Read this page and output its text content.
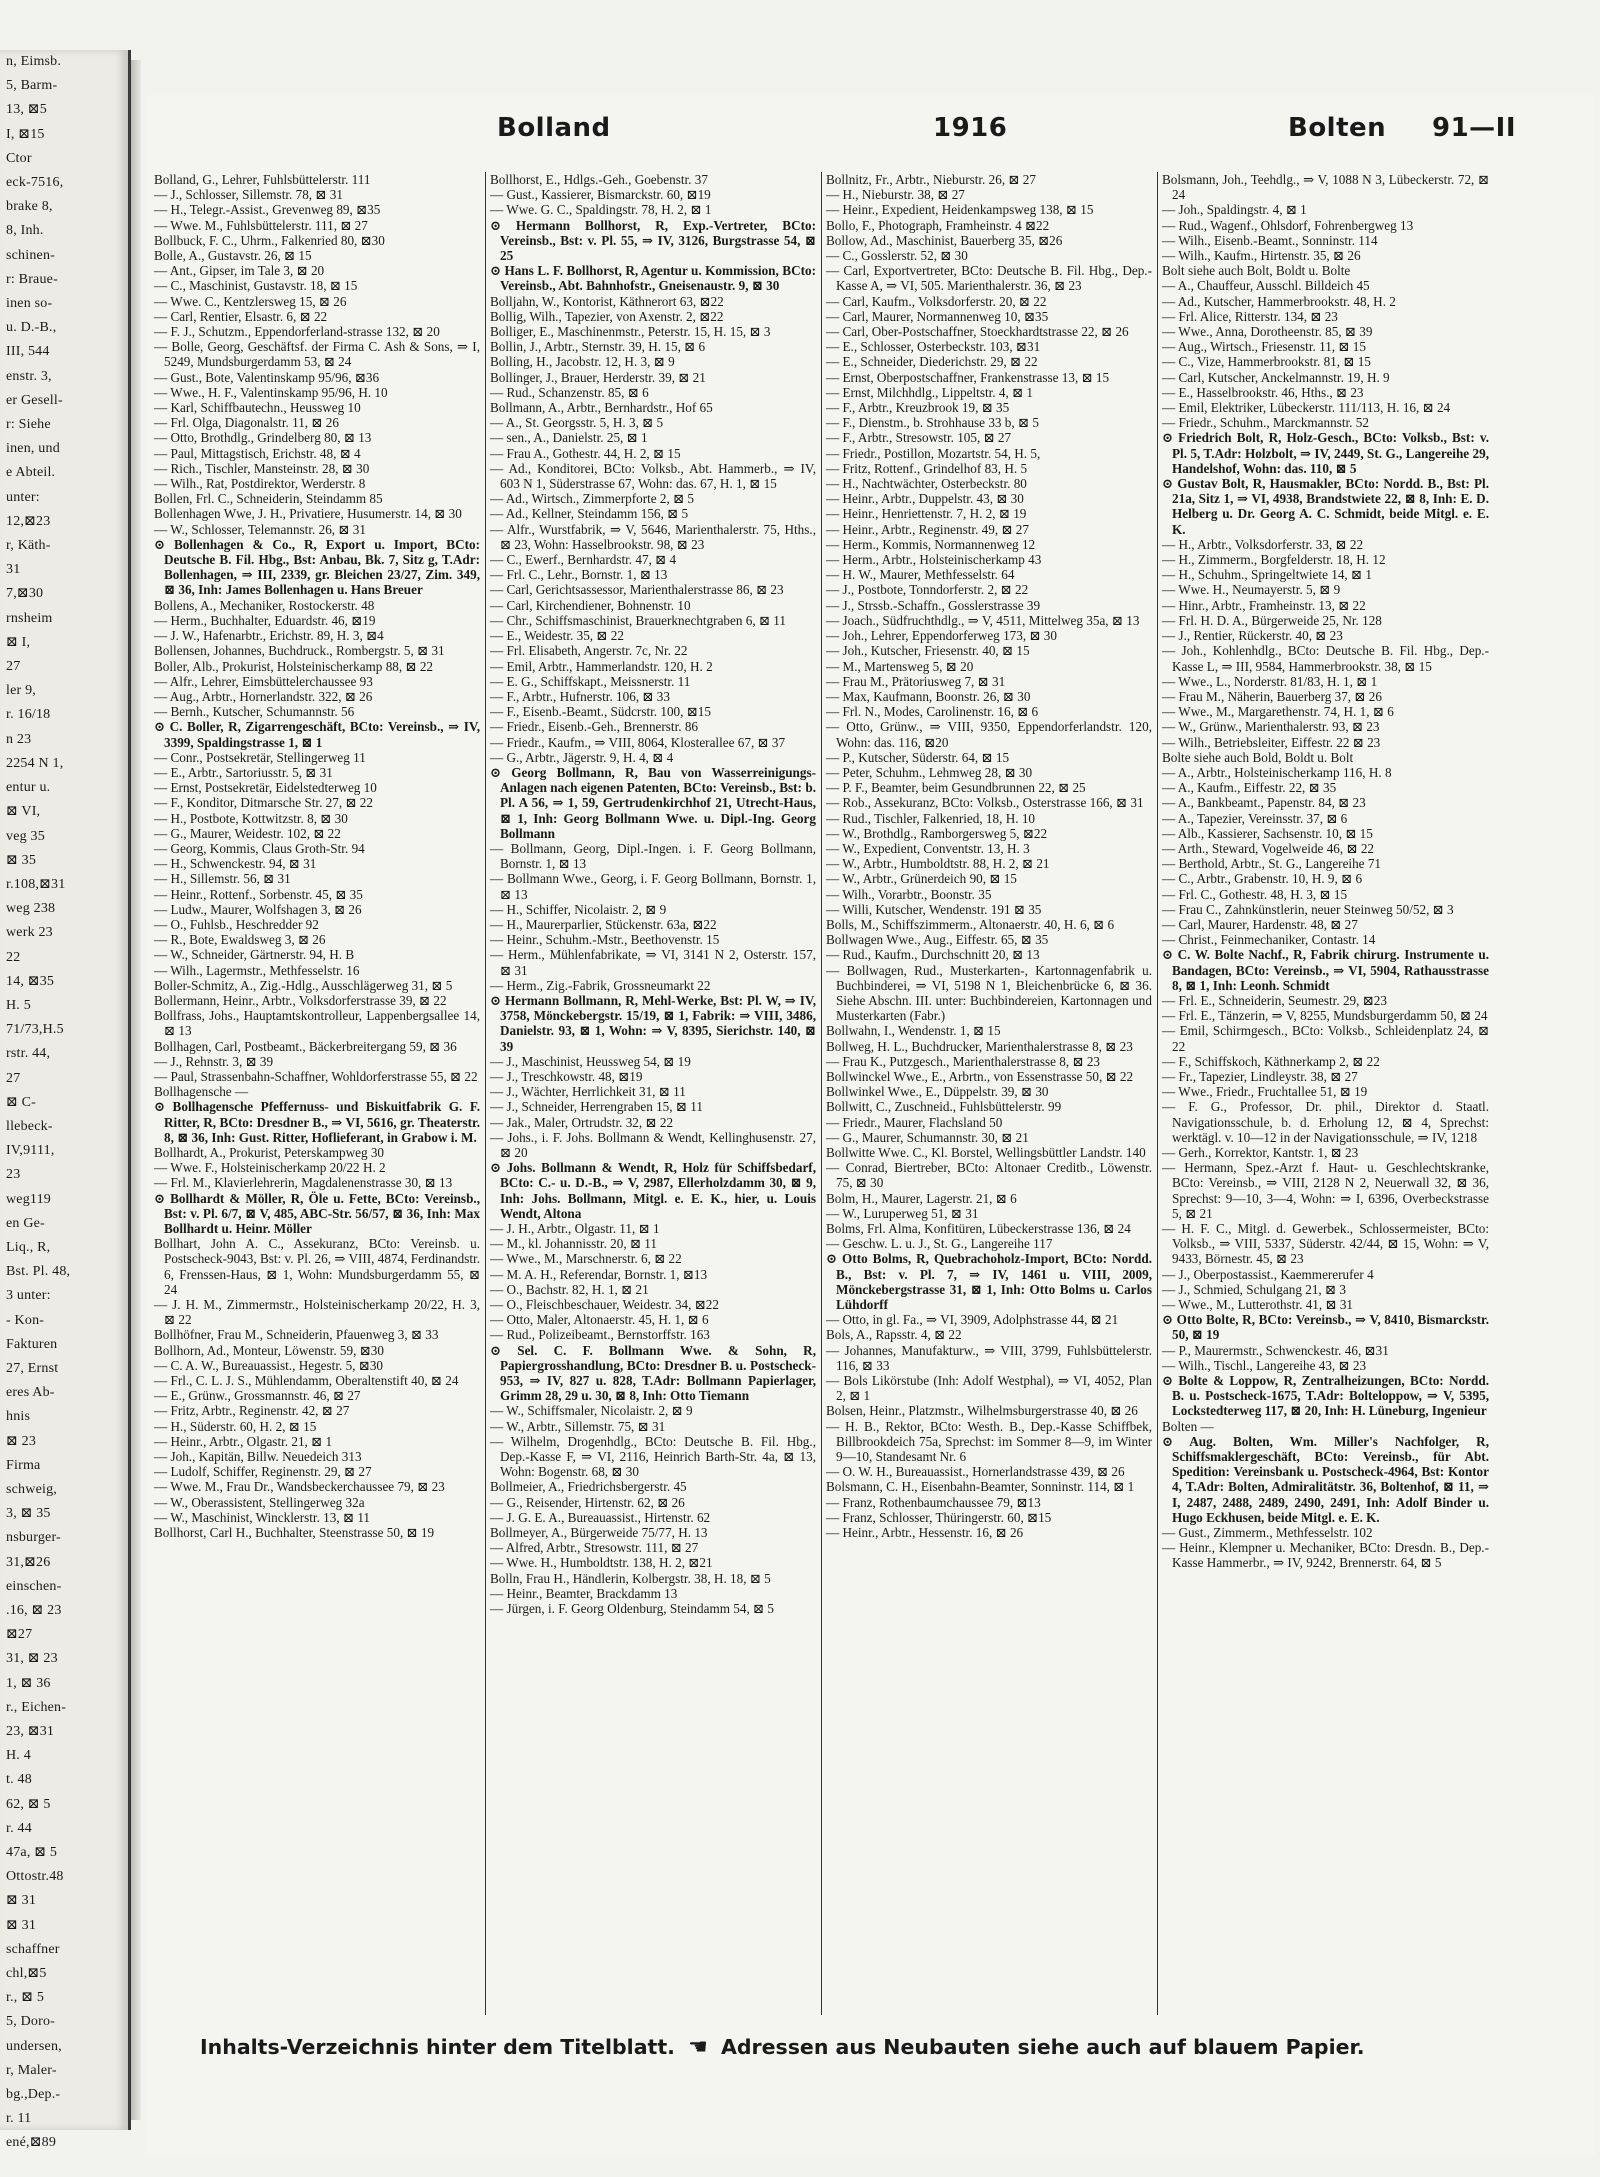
n, Eimsb.
5, Barm-
13, ⊠5
I, ⊠15
Ctor
eck-7516,
brake 8,
8, Inh.
schinen-
r: Braue-
inen so-
u. D.-B.,
III, 544
enstr. 3,
er Gesell-
r: Siehe
inen, und
e Abteil.
unter:
12,⊠23
r, Käth-
31
7,⊠30
rnsheim
⊠ I,
27
ler 9,
r. 16/18
n 23
2254 N 1,
entur u.
⊠ VI,
veg 35
⊠ 35
r.108,⊠31
weg 238
werk 23
22
14, ⊠35
H. 5
71/73,H.5
rstr. 44,
27
⊠ C-
llebeck-
IV,9111,
23
weg119
en Ge-
Liq., R,
Bst. Pl. 48,
3 unter:
- Kon-
Fakturen
27, Ernst
eres Ab-
hnis
⊠ 23
Firma
schweig,
3, ⊠ 35
nsburger-
31,⊠26
einschen-
.16, ⊠ 23
⊠27
31, ⊠ 23
1, ⊠ 36
r., Eichen-
23, ⊠31
H. 4
t. 48
62, ⊠ 5
r. 44
47a, ⊠ 5
Ottostr.48
⊠ 31
⊠ 31
schaffner
chl,⊠5
r., ⊠ 5
5, Doro-
undersen,
r, Maler-
bg.,Dep.-
r. 11
ené,⊠89
Bolland	1916	Bolten 91—II
Bolland, G., Lehrer, Fuhlsbüttelerstr. 111
— J., Schlosser, Sillemstr. 78, ⊠ 31
— H., Telegr.-Assist., Grevenweg 89, ⊠35
— Wwe. M., Fuhlsbüttelerstr. 111, ⊠ 27
Bollbuck, F. C., Uhrm., Falkenried 80, ⊠30
Bolle, A., Gustavstr. 26, ⊠ 15
— Ant., Gipser, im Tale 3, ⊠ 20
— C., Maschinist, Gustavstr. 18, ⊠ 15
— Wwe. C., Kentzlersweg 15, ⊠ 26
— Carl, Rentier, Elsastr. 6, ⊠ 22
— F. J., Schutzm., Eppendorferland-strasse 132, ⊠ 20
— Bolle, Georg, Geschäftsf. der Firma C. Ash & Sons, ⇒ I, 5249, Mundsburgerdamm 53, ⊠ 24
— Gust., Bote, Valentinskamp 95/96, ⊠36
— Wwe., H. F., Valentinskamp 95/96, H. 10
— Karl, Schiffbautechn., Heussweg 10
— Frl. Olga, Diagonalstr. 11, ⊠ 26
— Otto, Brothdlg., Grindelberg 80, ⊠ 13
— Paul, Mittagstisch, Erichstr. 48, ⊠ 4
— Rich., Tischler, Mansteinstr. 28, ⊠ 30
— Wilh., Rat, Postdirektor, Werderstr. 8
Bollen, Frl. C., Schneiderin, Steindamm 85
Bollenhagen Wwe, J. H., Privatiere, Husumerstr. 14, ⊠ 30
— W., Schlosser, Telemannstr. 26, ⊠ 31
⊙ Bollenhagen & Co., R, Export u. Import, BCto: Deutsche B. Fil. Hbg., Bst: Anbau, Bk. 7, Sitz g, T.Adr: Bollenhagen, ⇒ III, 2339, gr. Bleichen 23/27, Zim. 349, ⊠ 36, Inh: James Bollenhagen u. Hans Breuer
Bollens, A., Mechaniker, Rostockerstr. 48
— Herm., Buchhalter, Eduardstr. 46, ⊠19
— J. W., Hafenarbtr., Erichstr. 89, H. 3, ⊠4
Bollensen, Johannes, Buchdruck., Rombergstr. 5, ⊠ 31
Boller, Alb., Prokurist, Holsteinischerkamp 88, ⊠ 22
— Alfr., Lehrer, Eimsbüttelerchaussee 93
— Aug., Arbtr., Hornerlandstr. 322, ⊠ 26
— Bernh., Kutscher, Schumannstr. 56
⊙ C. Boller, R, Zigarrengeschäft, BCto: Vereinsb., ⇒ IV, 3399, Spaldingstrasse 1, ⊠ 1
— Conr., Postsekretär, Stellingerweg 11
— E., Arbtr., Sartoriusstr. 5, ⊠ 31
— Ernst, Postsekretär, Eidelstedterweg 10
— F., Konditor, Ditmarsche Str. 27, ⊠ 22
— H., Postbote, Kottwitzstr. 8, ⊠ 30
— G., Maurer, Weidestr. 102, ⊠ 22
— Georg, Kommis, Claus Groth-Str. 94
— H., Schwenckestr. 94, ⊠ 31
— H., Sillemstr. 56, ⊠ 31
— Heinr., Rottenf., Sorbenstr. 45, ⊠ 35
— Ludw., Maurer, Wolfshagen 3, ⊠ 26
— O., Fuhlsb., Heschredder 92
— R., Bote, Ewaldsweg 3, ⊠ 26
— W., Schneider, Gärtnerstr. 94, H. B
— Wilh., Lagermstr., Methfesselstr. 16
Boller-Schmitz, A., Zig.-Hdlg., Ausschlägerweg 31, ⊠ 5
Bollermann, Heinr., Arbtr., Volksdorferstrasse 39, ⊠ 22
Bollfrass, Johs., Hauptamtskontrolleur, Lappenbergsallee 14, ⊠ 13
Bollhagen, Carl, Postbeamt., Bäckerbreitergang 59, ⊠ 36
— J., Rehnstr. 3, ⊠ 39
— Paul, Strassenbahn-Schaffner, Wohldorferstrasse 55, ⊠ 22
Bollhagensche —
⊙ Bollhagensche Pfeffernuss- und Biskuitfabrik G. F. Ritter, R, BCto: Dresdner B., ⇒ VI, 5616, gr. Theaterstr. 8, ⊠ 36, Inh: Gust. Ritter, Hoflieferant, in Grabow i. M.
Bollhardt, A., Prokurist, Peterskampweg 30
— Wwe. F., Holsteinischerkamp 20/22 H. 2
— Frl. M., Klavierlehrerin, Magdalenenstrasse 30, ⊠ 13
⊙ Bollhardt & Möller, R, Öle u. Fette, BCto: Vereinsb., Bst: v. Pl. 6/7, ⊠ V, 485, ABC-Str. 56/57, ⊠ 36, Inh: Max Bollhardt u. Heinr. Möller
Bollhart, John A. C., Assekuranz, BCto: Vereinsb. u. Postscheck-9043, Bst: v. Pl. 26, ⇒ VIII, 4874, Ferdinandstr. 6, Frenssen-Haus, ⊠ 1, Wohn: Mundsburgerdamm 55, ⊠ 24
— J. H. M., Zimmermstr., Holsteinischerkamp 20/22, H. 3, ⊠ 22
Bollhöfner, Frau M., Schneiderin, Pfauenweg 3, ⊠ 33
Bollhorn, Ad., Monteur, Löwenstr. 59, ⊠30
— C. A. W., Bureauassist., Hegestr. 5, ⊠30
— Frl., C. L. J. S., Mühlendamm, Oberaltenstift 40, ⊠ 24
— E., Grünw., Grossmannstr. 46, ⊠ 27
— Fritz, Arbtr., Reginenstr. 42, ⊠ 27
— H., Süderstr. 60, H. 2, ⊠ 15
— Heinr., Arbtr., Olgastr. 21, ⊠ 1
— Joh., Kapitän, Billw. Neuedeich 313
— Ludolf, Schiffer, Reginenstr. 29, ⊠ 27
— Wwe. M., Frau Dr., Wandsbeckerchaussee 79, ⊠ 23
— W., Oberassistent, Stellingerweg 32a
— W., Maschinist, Wincklerstr. 13, ⊠ 11
Bollhorst, Carl H., Buchhalter, Steenstrasse 50, ⊠ 19
Bollhorst, E., Hdlgs.-Geh., Goebenstr. 37
— Gust., Kassierer, Bismarckstr. 60, ⊠19
— Wwe. G. C., Spaldingstr. 78, H. 2, ⊠ 1
⊙ Hermann Bollhorst, R, Exp.-Vertreter, BCto: Vereinsb., Bst: v. Pl. 55, ⇒ IV, 3126, Burgstrasse 54, ⊠ 25
⊙ Hans L. F. Bollhorst, R, Agentur u. Kommission, BCto: Vereinsb., Abt. Bahnhofstr., Gneisenaustr. 9, ⊠ 30
Bolljahn, W., Kontorist, Käthnerort 63, ⊠22
Bollig, Wilh., Tapezier, von Axenstr. 2, ⊠22
Bolliger, E., Maschinenmstr., Peterstr. 15, H. 15, ⊠ 3
Bollin, J., Arbtr., Sternstr. 39, H. 15, ⊠ 6
Bolling, H., Jacobstr. 12, H. 3, ⊠ 9
Bollinger, J., Brauer, Herderstr. 39, ⊠ 21
— Rud., Schanzenstr. 85, ⊠ 6
Bollmann, A., Arbtr., Bernhardstr., Hof 65
— A., St. Georgsstr. 5, H. 3, ⊠ 5
— sen., A., Danielstr. 25, ⊠ 1
— Frau A., Gothestr. 44, H. 2, ⊠ 15
— Ad., Konditorei, BCto: Volksb., Abt. Hammerb., ⇒ IV, 603 N 1, Süderstrasse 67, Wohn: das. 67, H. 1, ⊠ 15
— Ad., Wirtsch., Zimmerpforte 2, ⊠ 5
— Ad., Kellner, Steindamm 156, ⊠ 5
— Alfr., Wurstfabrik, ⇒ V, 5646, Marienthalerstr. 75, Hths., ⊠ 23, Wohn: Hasselbrookstr. 98, ⊠ 23
— C., Ewerf., Bernhardstr. 47, ⊠ 4
— Frl. C., Lehr., Bornstr. 1, ⊠ 13
— Carl, Gerichtsassessor, Marienthalerstrasse 86, ⊠ 23
— Carl, Kirchendiener, Bohnenstr. 10
— Chr., Schiffsmaschinist, Brauerknechtgraben 6, ⊠ 11
— E., Weidestr. 35, ⊠ 22
— Frl. Elisabeth, Angerstr. 7c, Nr. 22
— Emil, Arbtr., Hammerlandstr. 120, H. 2
— E. G., Schiffskapt., Meissnerstr. 11
— F., Arbtr., Hufnerstr. 106, ⊠ 33
— F., Eisenb.-Beamt., Südcrstr. 100, ⊠15
— Friedr., Eisenb.-Geh., Brennerstr. 86
— Friedr., Kaufm., ⇒ VIII, 8064, Klosterallee 67, ⊠ 37
— G., Arbtr., Jägerstr. 9, H. 4, ⊠ 4
⊙ Georg Bollmann, R, Bau von Wasserreinigungs-Anlagen nach eigenen Patenten, BCto: Vereinsb., Bst: b. Pl. A 56, ⇒ 1, 59, Gertrudenkirchhof 21, Utrecht-Haus, ⊠ 1, Inh: Georg Bollmann Wwe. u. Dipl.-Ing. Georg Bollmann
— Bollmann, Georg, Dipl.-Ingen. i. F. Georg Bollmann, Bornstr. 1, ⊠ 13
— Bollmann Wwe., Georg, i. F. Georg Bollmann, Bornstr. 1, ⊠ 13
— H., Schiffer, Nicolaistr. 2, ⊠ 9
— H., Maurerparlier, Stückenstr. 63a, ⊠22
— Heinr., Schuhm.-Mstr., Beethovenstr. 15
— Herm., Mühlenfabrikate, ⇒ VI, 3141 N 2, Osterstr. 157, ⊠ 31
— Herm., Zig.-Fabrik, Grossneumarkt 22
⊙ Hermann Bollmann, R, Mehl-Werke, Bst: Pl. W, ⇒ IV, 3758, Mönckebergstr. 15/19, ⊠ 1, Fabrik: ⇒ VIII, 3486, Danielstr. 93, ⊠ 1, Wohn: ⇒ V, 8395, Sierichstr. 140, ⊠ 39
— J., Maschinist, Heussweg 54, ⊠ 19
— J., Treschkowstr. 48, ⊠19
— J., Wächter, Herrlichkeit 31, ⊠ 11
— J., Schneider, Herrengraben 15, ⊠ 11
— Jak., Maler, Ortrudstr. 32, ⊠ 22
— Johs., i. F. Johs. Bollmann & Wendt, Kellinghusenstr. 27, ⊠ 20
⊙ Johs. Bollmann & Wendt, R, Holz für Schiffsbedarf, BCto: C.- u. D.-B., ⇒ V, 2987, Ellerholzdamm 30, ⊠ 9, Inh: Johs. Bollmann, Mitgl. e. E. K., hier, u. Louis Wendt, Altona
— J. H., Arbtr., Olgastr. 11, ⊠ 1
— M., kl. Johannisstr. 20, ⊠ 11
— Wwe., M., Marschnerstr. 6, ⊠ 22
— M. A. H., Referendar, Bornstr. 1, ⊠13
— O., Bachstr. 82, H. 1, ⊠ 21
— O., Fleischbeschauer, Weidestr. 34, ⊠22
— Otto, Maler, Altonaerstr. 45, H. 1, ⊠ 6
— Rud., Polizeibeamt., Bernstorffstr. 163
⊙ Sel. C. F. Bollmann Wwe. & Sohn, R, Papiergrosshandlung, BCto: Dresdner B. u. Postscheck- 953, ⇒ IV, 827 u. 828, T.Adr: Bollmann Papierlager, Grimm 28, 29 u. 30, ⊠ 8, Inh: Otto Tiemann
— W., Schiffsmaler, Nicolaistr. 2, ⊠ 9
— W., Arbtr., Sillemstr. 75, ⊠ 31
— Wilhelm, Drogenhdlg., BCto: Deutsche B. Fil. Hbg., Dep.-Kasse F, ⇒ VI, 2116, Heinrich Barth-Str. 4a, ⊠ 13, Wohn: Bogenstr. 68, ⊠ 30
Bollmeier, A., Friedrichsbergerstr. 45
— G., Reisender, Hirtenstr. 62, ⊠ 26
— J. G. E. A., Bureauassist., Hirtenstr. 62
Bollmeyer, A., Bürgerweide 75/77, H. 13
— Alfred, Arbtr., Stresowstr. 111, ⊠ 27
— Wwe. H., Humboldtstr. 138, H. 2, ⊠21
Bolln, Frau H., Händlerin, Kolbergstr. 38, H. 18, ⊠ 5
— Heinr., Beamter, Brackdamm 13
— Jürgen, i. F. Georg Oldenburg, Steindamm 54, ⊠ 5
Bollnitz, Fr., Arbtr., Nieburstr. 26, ⊠ 27
— H., Nieburstr. 38, ⊠ 27
— Heinr., Expedient, Heidenkampsweg 138, ⊠ 15
Bollo, F., Photograph, Framheinstr. 4 ⊠22
Bollow, Ad., Maschinist, Bauerberg 35, ⊠26
— C., Gosslerstr. 52, ⊠ 30
— Carl, Exportvertreter, BCto: Deutsche B. Fil. Hbg., Dep.-Kasse A, ⇒ VI, 505. Marienthalerstr. 36, ⊠ 23
— Carl, Kaufm., Volksdorferstr. 20, ⊠ 22
— Carl, Maurer, Normannenweg 10, ⊠35
— Carl, Ober-Postschaffner, Stoeckhardtstrasse 22, ⊠ 26
— E., Schlosser, Osterbeckstr. 103, ⊠31
— E., Schneider, Diederichstr. 29, ⊠ 22
— Ernst, Oberpostschaffner, Frankenstrasse 13, ⊠ 15
— Ernst, Milchhdlg., Lippeltstr. 4, ⊠ 1
— F., Arbtr., Kreuzbrook 19, ⊠ 35
— F., Dienstm., b. Strohhause 33 b, ⊠ 5
— F., Arbtr., Stresowstr. 105, ⊠ 27
— Friedr., Postillon, Mozartstr. 54, H. 5,
— Fritz, Rottenf., Grindelhof 83, H. 5
— H., Nachtwächter, Osterbeckstr. 80
— Heinr., Arbtr., Duppelstr. 43, ⊠ 30
— Heinr., Henriettenstr. 7, H. 2, ⊠ 19
— Heinr., Arbtr., Reginenstr. 49, ⊠ 27
— Herm., Kommis, Normannenweg 12
— Herm., Arbtr., Holsteinischerkamp 43
— H. W., Maurer, Methfesselstr. 64
— J., Postbote, Tonndorferstr. 2, ⊠ 22
— J., Strssb.-Schaffn., Gosslerstrasse 39
— Joach., Südfruchthdlg., ⇒ V, 4511, Mittelweg 35a, ⊠ 13
— Joh., Lehrer, Eppendorferweg 173, ⊠ 30
— Joh., Kutscher, Friesenstr. 40, ⊠ 15
— M., Martensweg 5, ⊠ 20
— Frau M., Prätoriusweg 7, ⊠ 31
— Max, Kaufmann, Boonstr. 26, ⊠ 30
— Frl. N., Modes, Carolinenstr. 16, ⊠ 6
— Otto, Grünw., ⇒ VIII, 9350, Eppendorferlandstr. 120, Wohn: das. 116, ⊠20
— P., Kutscher, Süderstr. 64, ⊠ 15
— Peter, Schuhm., Lehmweg 28, ⊠ 30
— P. F., Beamter, beim Gesundbrunnen 22, ⊠ 25
— Rob., Assekuranz, BCto: Volksb., Osterstrasse 166, ⊠ 31
— Rud., Tischler, Falkenried, 18, H. 10
— W., Brothdlg., Ramborgersweg 5, ⊠22
— W., Expedient, Conventstr. 13, H. 3
— W., Arbtr., Humboldtstr. 88, H. 2, ⊠ 21
— W., Arbtr., Grünerdeich 90, ⊠ 15
— Wilh., Vorarbtr., Boonstr. 35
— Willi, Kutscher, Wendenstr. 191 ⊠ 35
Bolls, M., Schiffszimmerm., Altonaerstr. 40, H. 6, ⊠ 6
Bollwagen Wwe., Aug., Eiffestr. 65, ⊠ 35
— Rud., Kaufm., Durchschnitt 20, ⊠ 13
— Bollwagen, Rud., Musterkarten-, Kartonnagenfabrik u. Buchbinderei, ⇒ VI, 5198 N 1, Bleichenbrücke 6, ⊠ 36. Siehe Abschn. III. unter: Buchbindereien, Kartonnagen und Musterkarten (Fabr.)
Bollwahn, I., Wendenstr. 1, ⊠ 15
Bollweg, H. L., Buchdrucker, Marienthalerstrasse 8, ⊠ 23
— Frau K., Putzgesch., Marienthalerstrasse 8, ⊠ 23
Bollwinckel Wwe., E., Arbrtn., von Essenstrasse 50, ⊠ 22
Bollwinkel Wwe., E., Düppelstr. 39, ⊠ 30
Bollwitt, C., Zuschneid., Fuhlsbüttelerstr. 99
— Friedr., Maurer, Flachsland 50
— G., Maurer, Schumannstr. 30, ⊠ 21
Bollwitte Wwe. C., Kl. Borstel, Wellingsbüttler Landstr. 140
— Conrad, Biertreber, BCto: Altonaer Creditb., Löwenstr. 75, ⊠ 30
Bolm, H., Maurer, Lagerstr. 21, ⊠ 6
— W., Luruperweg 51, ⊠ 31
Bolms, Frl. Alma, Konfitüren, Lübeckerstrasse 136, ⊠ 24
— Geschw. L. u. J., St. G., Langereihe 117
⊙ Otto Bolms, R, Quebrachoholz-Import, BCto: Nordd. B., Bst: v. Pl. 7, ⇒ IV, 1461 u. VIII, 2009, Mönckebergstrasse 31, ⊠ 1, Inh: Otto Bolms u. Carlos Lühdorff
— Otto, in gl. Fa., ⇒ VI, 3909, Adolphstrasse 44, ⊠ 21
Bols, A., Rapsstr. 4, ⊠ 22
— Johannes, Manufakturw., ⇒ VIII, 3799, Fuhlsbüttelerstr. 116, ⊠ 33
— Bols Likörstube (Inh: Adolf Westphal), ⇒ VI, 4052, Plan 2, ⊠ 1
Bolsen, Heinr., Platzmstr., Wilhelmsburgerstrasse 40, ⊠ 26
— H. B., Rektor, BCto: Westh. B., Dep.-Kasse Schiffbek, Billbrookdeich 75a, Sprechst: im Sommer 8—9, im Winter 9—10, Standesamt Nr. 6
— O. W. H., Bureauassist., Hornerlandstrasse 439, ⊠ 26
Bolsmann, C. H., Eisenbahn-Beamter, Sonninstr. 114, ⊠ 1
— Franz, Rothenbaumchaussee 79, ⊠13
— Franz, Schlosser, Thüringerstr. 60, ⊠15
— Heinr., Arbtr., Hessenstr. 16, ⊠ 26
Bolsmann, Joh., Teehdlg., ⇒ V, 1088 N 3, Lübeckerstr. 72, ⊠ 24
— Joh., Spaldingstr. 4, ⊠ 1
— Rud., Wagenf., Ohlsdorf, Fohrenbergweg 13
— Wilh., Eisenb.-Beamt., Sonninstr. 114
— Wilh., Kaufm., Hirtenstr. 35, ⊠ 26
Bolt siehe auch Bolt, Boldt u. Bolte
— A., Chauffeur, Ausschl. Billdeich 45
— Ad., Kutscher, Hammerbrookstr. 48, H. 2
— Frl. Alice, Ritterstr. 134, ⊠ 23
— Wwe., Anna, Dorotheenstr. 85, ⊠ 39
— Aug., Wirtsch., Friesenstr. 11, ⊠ 15
— C., Vize, Hammerbrookstr. 81, ⊠ 15
— Carl, Kutscher, Anckelmannstr. 19, H. 9
— E., Hasselbrookstr. 46, Hths., ⊠ 23
— Emil, Elektriker, Lübeckerstr. 111/113, H. 16, ⊠ 24
— Friedr., Schuhm., Marckmannstr. 52
⊙ Friedrich Bolt, R, Holz-Gesch., BCto: Volksb., Bst: v. Pl. 5, T.Adr: Holzbolt, ⇒ IV, 2449, St. G., Langereihe 29, Handelshof, Wohn: das. 110, ⊠ 5
⊙ Gustav Bolt, R, Hausmakler, BCto: Nordd. B., Bst: Pl. 21a, Sitz 1, ⇒ VI, 4938, Brandstwiete 22, ⊠ 8, Inh: E. D. Helberg u. Dr. Georg A. C. Schmidt, beide Mitgl. e. E. K.
— H., Arbtr., Volksdorferstr. 33, ⊠ 22
— H., Zimmerm., Borgfelderstr. 18, H. 12
— H., Schuhm., Springeltwiete 14, ⊠ 1
— Wwe. H., Neumayerstr. 5, ⊠ 9
— Hinr., Arbtr., Framheinstr. 13, ⊠ 22
— Frl. H. D. A., Bürgerweide 25, Nr. 128
— J., Rentier, Rückerstr. 40, ⊠ 23
— Joh., Kohlenhdlg., BCto: Deutsche B. Fil. Hbg., Dep.-Kasse L, ⇒ III, 9584, Hammerbrookstr. 38, ⊠ 15
— Wwe., L., Norderstr. 81/83, H. 1, ⊠ 1
— Frau M., Näherin, Bauerberg 37, ⊠ 26
— Wwe., M., Margarethenstr. 74, H. 1, ⊠ 6
— W., Grünw., Marienthalerstr. 93, ⊠ 23
— Wilh., Betriebsleiter, Eiffestr. 22 ⊠ 23
Bolte siehe auch Bold, Boldt u. Bolt
— A., Arbtr., Holsteinischerkamp 116, H. 8
— A., Kaufm., Eiffestr. 22, ⊠ 35
— A., Bankbeamt., Papenstr. 84, ⊠ 23
— A., Tapezier, Vereinsstr. 37, ⊠ 6
— Alb., Kassierer, Sachsenstr. 10, ⊠ 15
— Arth., Steward, Vogelweide 46, ⊠ 22
— Berthold, Arbtr., St. G., Langereihe 71
— C., Arbtr., Grabenstr. 10, H. 9, ⊠ 6
— Frl. C., Gothestr. 48, H. 3, ⊠ 15
— Frau C., Zahnkünstlerin, neuer Steinweg 50/52, ⊠ 3
— Carl, Maurer, Hardenstr. 48, ⊠ 27
— Christ., Feinmechaniker, Contastr. 14
⊙ C. W. Bolte Nachf., R, Fabrik chirurg. Instrumente u. Bandagen, BCto: Vereinsb., ⇒ VI, 5904, Rathausstrasse 8, ⊠ 1, Inh: Leonh. Schmidt
— Frl. E., Schneiderin, Seumestr. 29, ⊠23
— Frl. E., Tänzerin, ⇒ V, 8255, Mundsburgerdamm 50, ⊠ 24
— Emil, Schirmgesch., BCto: Volksb., Schleidenplatz 24, ⊠ 22
— F., Schiffskoch, Käthnerkamp 2, ⊠ 22
— Fr., Tapezier, Lindleystr. 38, ⊠ 27
— Wwe., Friedr., Fruchtallee 51, ⊠ 19
— F. G., Professor, Dr. phil., Direktor d. Staatl. Navigationsschule, b. d. Erholung 12, ⊠ 4, Sprechst: werktägl. v. 10—12 in der Navigationsschule, ⇒ IV, 1218
— Gerh., Korrektor, Kantstr. 1, ⊠ 23
— Hermann, Spez.-Arzt f. Haut- u. Geschlechtskranke, BCto: Vereinsb., ⇒ VIII, 2128 N 2, Neuerwall 32, ⊠ 36, Sprechst: 9—10, 3—4, Wohn: ⇒ I, 6396, Overbeckstrasse 5, ⊠ 21
— H. F. C., Mitgl. d. Gewerbek., Schlossermeister, BCto: Volksb., ⇒ VIII, 5337, Süderstr. 42/44, ⊠ 15, Wohn: ⇒ V, 9433, Börnestr. 45, ⊠ 23
— J., Oberpostassist., Kaemmererufer 4
— J., Schmied, Schulgang 21, ⊠ 3
— Wwe., M., Lutterothstr. 41, ⊠ 31
⊙ Otto Bolte, R, BCto: Vereinsb., ⇒ V, 8410, Bismarckstr. 50, ⊠ 19
— P., Maurermstr., Schwenckestr. 46, ⊠31
— Wilh., Tischl., Langereihe 43, ⊠ 23
⊙ Bolte & Loppow, R, Zentralheizungen, BCto: Nordd. B. u. Postscheck-1675, T.Adr: Bolteloppow, ⇒ V, 5395, Lockstedterweg 117, ⊠ 20, Inh: H. Lüneburg, Ingenieur
Bolten —
⊙ Aug. Bolten, Wm. Miller's Nachfolger, R, Schiffsmaklergeschäft, BCto: Vereinsb., für Abt. Spedition: Vereinsbank u. Postscheck-4964, Bst: Kontor 4, T.Adr: Bolten, Admiralitätstr. 36, Boltenhof, ⊠ 11, ⇒ I, 2487, 2488, 2489, 2490, 2491, Inh: Adolf Binder u. Hugo Eckhusen, beide Mitgl. e. E. K.
— Gust., Zimmerm., Methfesselstr. 102
— Heinr., Klempner u. Mechaniker, BCto: Dresdn. B., Dep.-Kasse Hammerbr., ⇒ IV, 9242, Brennerstr. 64, ⊠ 5
Inhalts-Verzeichnis hinter dem Titelblatt. ☚ Adressen aus Neubauten siehe auch auf blauem Papier.
